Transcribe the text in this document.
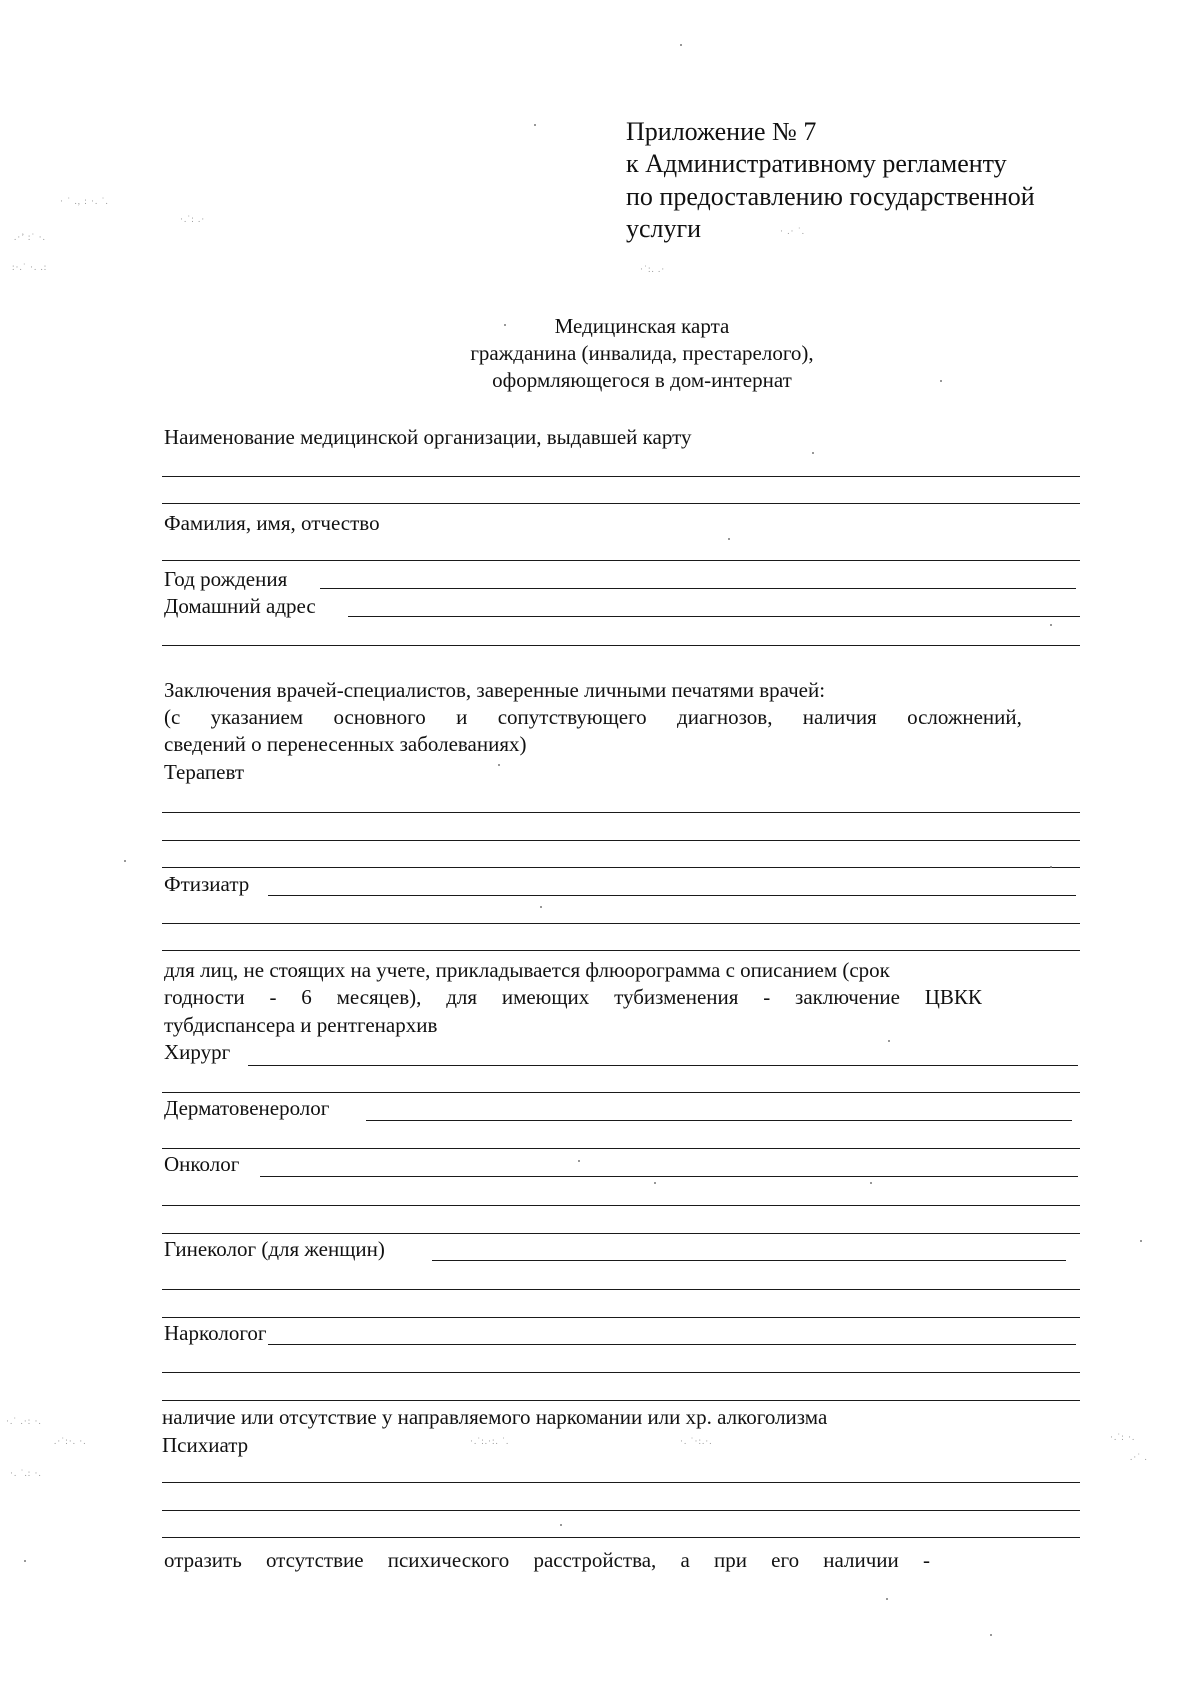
Приложение № 7
к Административному регламенту
по предоставлению государственной
услуги
Медицинская карта
гражданина (инвалида, престарелого),
оформляющегося в дом-интернат
Наименование медицинской организации, выдавшей карту
Фамилия, имя, отчество
Год рождения
Домашний адрес
Заключения врачей-специалистов, заверенные личными печатями врачей:
(с указанием основного и сопутствующего диагнозов, наличия осложнений,
сведений о перенесенных заболеваниях)
Терапевт
Фтизиатр
для лиц, не стоящих на учете, прикладывается флюорограмма с описанием (срок
годности - 6 месяцев), для имеющих тубизменения - заключение ЦВКК
тубдиспансера и рентгенархив
Хирург
Дерматовенеролог
Онколог
Гинеколог (для женщин)
Наркологог
наличие или отсутствие у направляемого наркомании или хр. алкоголизма
Психиатр
отразить отсутствие психического расстройства, а при его наличии -
· ˙ ., : ·. ˙.
.·’ :˙ ·.
:·.˙ ·. .:
·.˙: .·
· .· ˙.
·˙:. .·
·.˙ .·: ·.
.·˙:·. ·.
·. ˙.: ·.
·.˙:.·:. ˙.	·. ˙·:.·.	·.˙: ·.
.·˙ .
